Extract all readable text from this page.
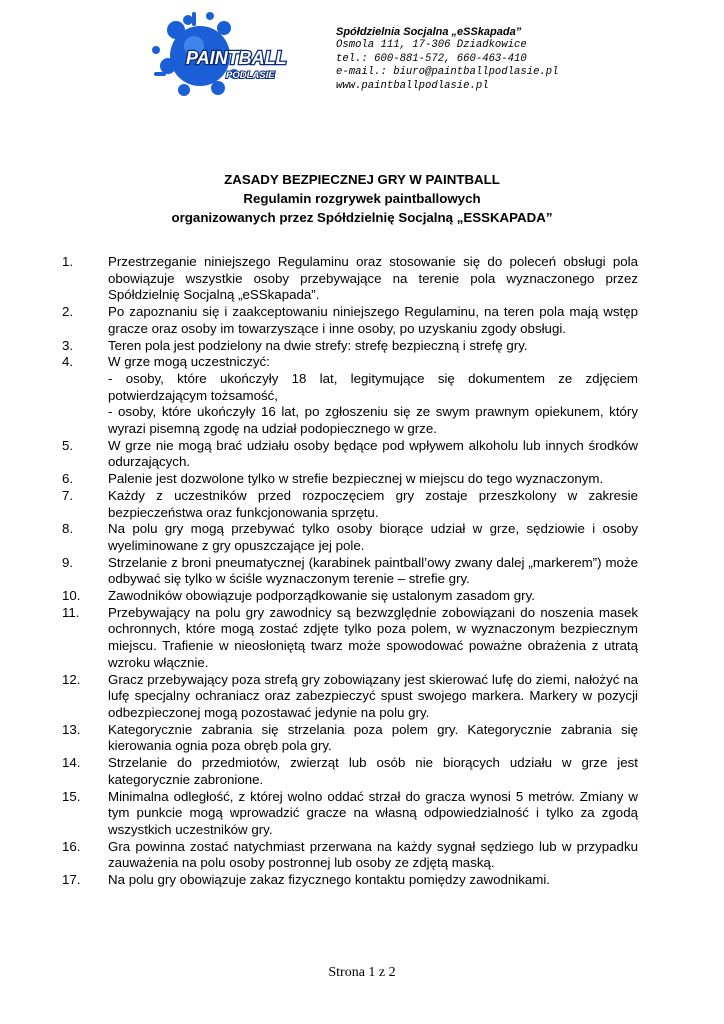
PAINTBALL
PODLASIE
Spółdzielnia Socjalna „eSSkapada”
Osmola 111, 17-306 Dziadkowice
tel.: 600-881-572, 660-463-410
e-mail.: biuro@paintballpodlasie.pl
www.paintballpodlasie.pl
ZASADY BEZPIECZNEJ GRY W PAINTBALL
Regulamin rozgrywek paintballowych
organizowanych przez Spółdzielnię Socjalną „ESSKAPADA”
1.	Przestrzeganie niniejszego Regulaminu oraz stosowanie się do poleceń obsługi pola obowiązuje wszystkie osoby przebywające na terenie pola wyznaczonego przez Spółdzielnię Socjalną „eSSkapada”.
2.	Po zapoznaniu się i zaakceptowaniu niniejszego Regulaminu, na teren pola mają wstęp gracze oraz osoby im towarzyszące i inne osoby, po uzyskaniu zgody obsługi.
3.	Teren pola jest podzielony na dwie strefy: strefę bezpieczną i strefę gry.
4.	W grze mogą uczestniczyć:
- osoby, które ukończyły 18 lat, legitymujące się dokumentem ze zdjęciem potwierdzającym tożsamość,
- osoby, które ukończyły 16 lat, po zgłoszeniu się ze swym prawnym opiekunem, który wyrazi pisemną zgodę na udział podopiecznego w grze.
5.	W grze nie mogą brać udziału osoby będące pod wpływem alkoholu lub innych środków odurzających.
6.	Palenie jest dozwolone tylko w strefie bezpiecznej w miejscu do tego wyznaczonym.
7.	Każdy z uczestników przed rozpoczęciem gry zostaje przeszkolony w zakresie bezpieczeństwa oraz funkcjonowania sprzętu.
8.	Na polu gry mogą przebywać tylko osoby biorące udział w grze, sędziowie i osoby wyeliminowane z gry opuszczające jej pole.
9.	Strzelanie z broni pneumatycznej (karabinek paintball’owy zwany dalej „markerem”) może odbywać się tylko w ściśle wyznaczonym terenie – strefie gry.
10. Zawodników obowiązuje podporządkowanie się ustalonym zasadom gry.
11. Przebywający na polu gry zawodnicy są bezwzględnie zobowiązani do noszenia masek ochronnych, które mogą zostać zdjęte tylko poza polem, w wyznaczonym bezpiecznym miejscu. Trafienie w nieosłoniętą twarz może spowodować poważne obrażenia z utratą wzroku włącznie.
12. Gracz przebywający poza strefą gry zobowiązany jest skierować lufę do ziemi, nałożyć na lufę specjalny ochraniacz oraz zabezpieczyć spust swojego markera. Markery w pozycji odbezpieczonej mogą pozostawać jedynie na polu gry.
13. Kategorycznie zabrania się strzelania poza polem gry. Kategorycznie zabrania się kierowania ognia poza obręb pola gry.
14. Strzelanie do przedmiotów, zwierząt lub osób nie biorących udziału w grze jest kategorycznie zabronione.
15. Minimalna odległość, z której wolno oddać strzał do gracza wynosi 5 metrów. Zmiany w tym punkcie mogą wprowadzić gracze na własną odpowiedzialność i tylko za zgodą wszystkich uczestników gry.
16. Gra powinna zostać natychmiast przerwana na każdy sygnał sędziego lub w przypadku zauważenia na polu osoby postronnej lub osoby ze zdjętą maską.
17. Na polu gry obowiązuje zakaz fizycznego kontaktu pomiędzy zawodnikami.
Strona 1 z 2
